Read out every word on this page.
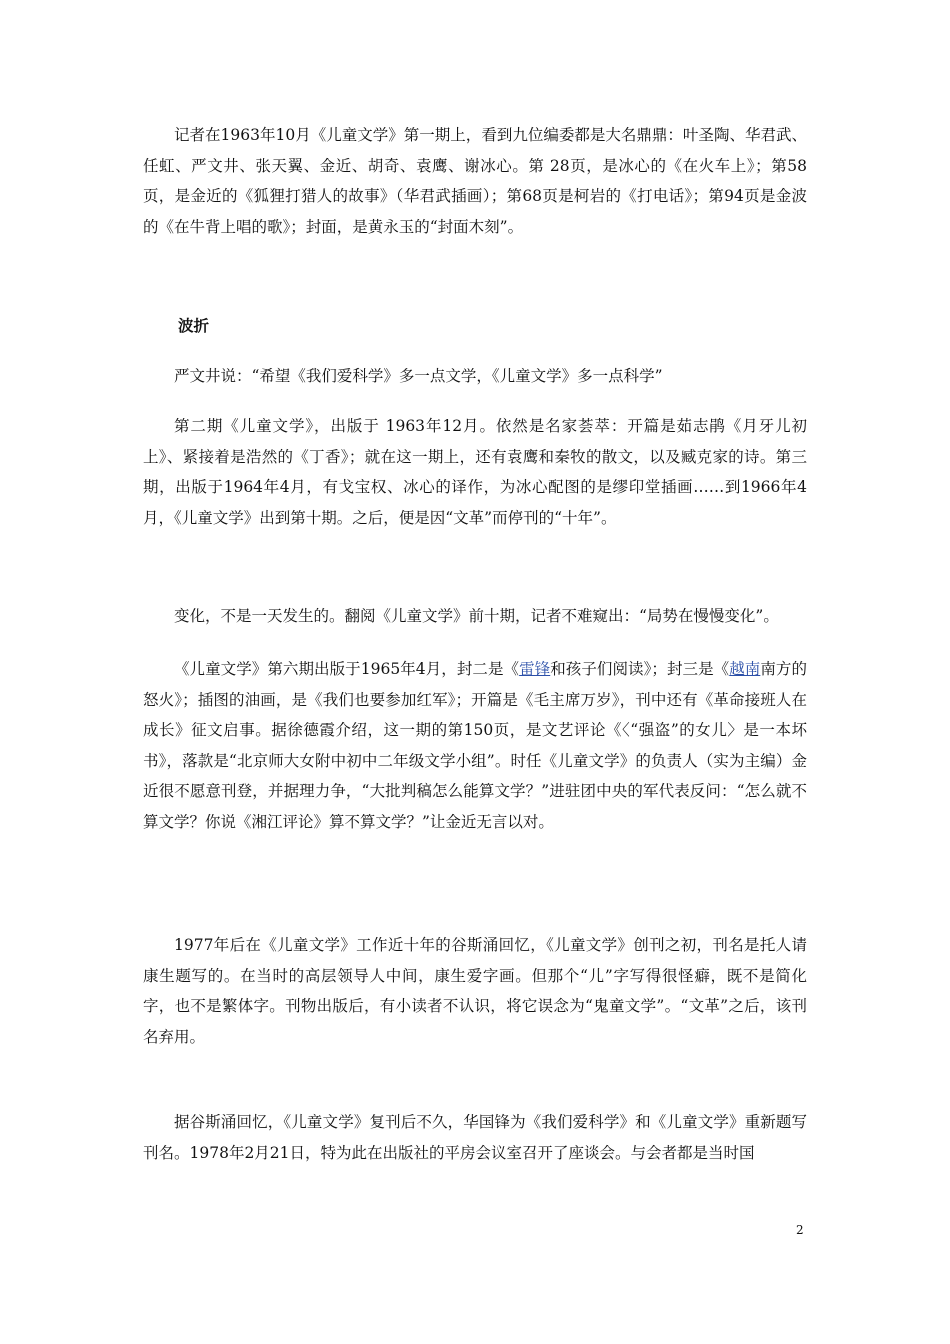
记者在1963年10月《儿童文学》第一期上，看到九位编委都是大名鼎鼎：叶圣陶、华君武、任虹、严文井、张天翼、金近、胡奇、袁鹰、谢冰心。第 28页，是冰心的《在火车上》；第58页，是金近的《狐狸打猎人的故事》（华君武插画）；第68页是柯岩的《打电话》；第94页是金波的《在牛背上唱的歌》；封面，是黄永玉的“封面木刻”。

波折

严文井说：“希望《我们爱科学》多一点文学，《儿童文学》多一点科学”

第二期《儿童文学》，出版于 1963年12月。依然是名家荟萃：开篇是茹志鹃《月牙儿初上》、紧接着是浩然的《丁香》；就在这一期上，还有袁鹰和秦牧的散文，以及臧克家的诗。第三期，出版于1964年4月，有戈宝权、冰心的译作，为冰心配图的是缪印堂插画……到1966年4月，《儿童文学》出到第十期。之后，便是因“文革”而停刊的“十年”。

变化，不是一天发生的。翻阅《儿童文学》前十期，记者不难窥出：“局势在慢慢变化”。

《儿童文学》第六期出版于1965年4月，封二是《雷锋和孩子们阅读》；封三是《越南南方的怒火》；插图的油画，是《我们也要参加红军》；开篇是《毛主席万岁》，刊中还有《革命接班人在成长》征文启事。据徐德霞介绍，这一期的第150页，是文艺评论《〈“强盗”的女儿〉是一本坏书》，落款是“北京师大女附中初中二年级文学小组”。时任《儿童文学》的负责人（实为主编）金近很不愿意刊登，并据理力争，“大批判稿怎么能算文学？”进驻团中央的军代表反问：“怎么就不算文学？你说《湘江评论》算不算文学？”让金近无言以对。

1977年后在《儿童文学》工作近十年的谷斯涌回忆，《儿童文学》创刊之初，刊名是托人请康生题写的。在当时的高层领导人中间，康生爱字画。但那个“儿”字写得很怪癖，既不是简化字，也不是繁体字。刊物出版后，有小读者不认识，将它误念为“鬼童文学”。“文革”之后，该刊名弃用。

据谷斯涌回忆，《儿童文学》复刊后不久，华国锋为《我们爱科学》和《儿童文学》重新题写刊名。1978年2月21日，特为此在出版社的平房会议室召开了座谈会。与会者都是当时国

2
